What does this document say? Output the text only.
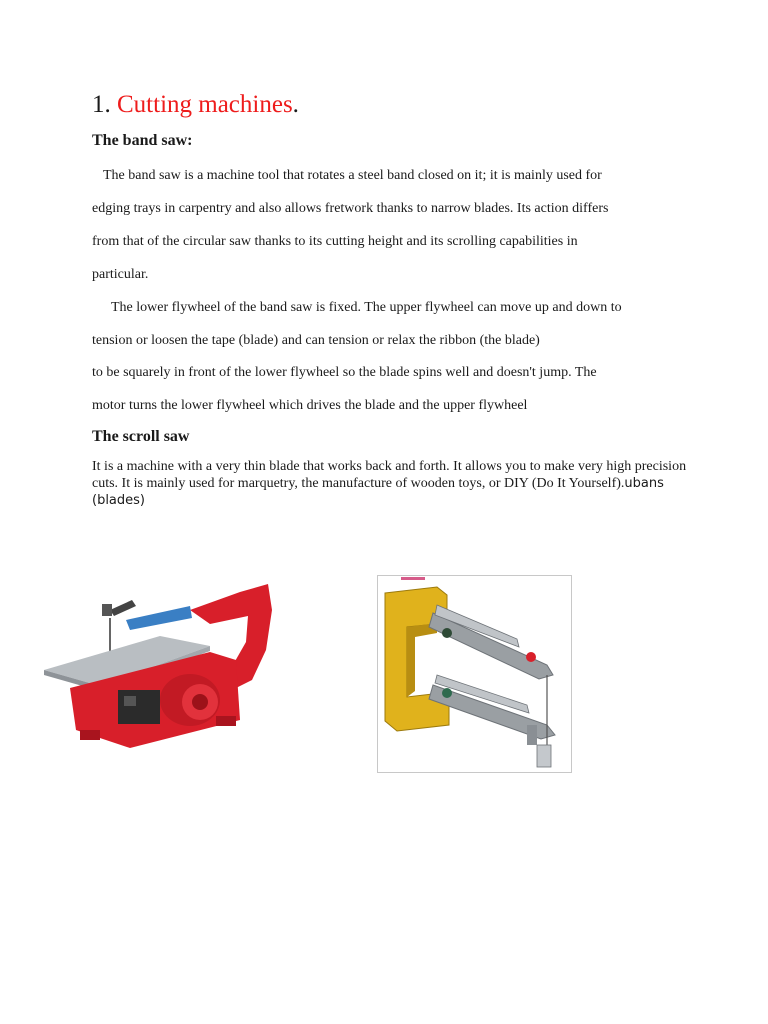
1. Cutting machines.
The band saw:
The band saw is a machine tool that rotates a steel band closed on it; it is mainly used for
edging trays in carpentry and also allows fretwork thanks to narrow blades. Its action differs
from that of the circular saw thanks to its cutting height and its scrolling capabilities in
particular.
The lower flywheel of the band saw is fixed. The upper flywheel can move up and down to
tension or loosen the tape (blade) and can tension or relax the ribbon (the blade)
to be squarely in front of the lower flywheel so the blade spins well and doesn't jump. The
motor turns the lower flywheel which drives the blade and the upper flywheel
The scroll saw
It is a machine with a very thin blade that works back and forth. It allows you to make very high precision cuts. It is mainly used for marquetry, the manufacture of wooden toys, or DIY (Do It Yourself).ubans (blades)
